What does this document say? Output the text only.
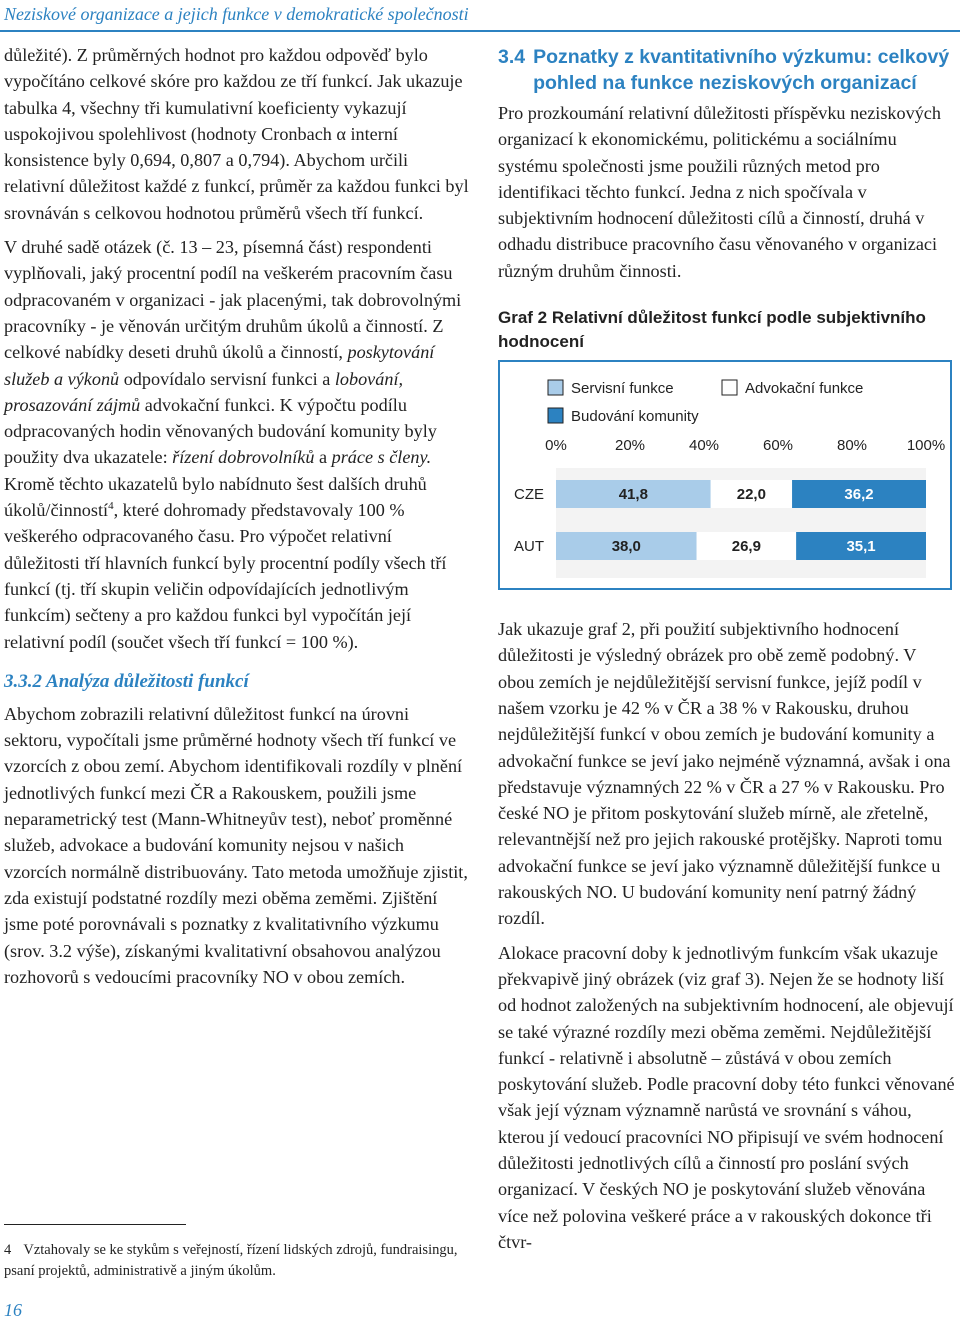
Neziskové organizace a jejich funkce v demokratické společnosti

důležité). Z průměrných hodnot pro každou odpověď bylo vypočítáno celkové skóre pro každou ze tří funkcí. Jak ukazuje tabulka 4, všechny tři kumulativní koeficienty vykazují uspokojivou spolehlivost (hodnoty Cronbach α interní konsistence byly 0,694, 0,807 a 0,794). Abychom určili relativní důležitost každé z funkcí, průměr za každou funkci byl srovnáván s celkovou hodnotou průměrů všech tří funkcí.

V druhé sadě otázek (č. 13 – 23, písemná část) respondenti vyplňovali, jaký procentní podíl na veškerém pracovním času odpracovaném v organizaci - jak placenými, tak dobrovolnými pracovníky - je věnován určitým druhům úkolů a činností. Z celkové nabídky deseti druhů úkolů a činností, poskytování služeb a výkonů odpovídalo servisní funkci a lobování, prosazování zájmů advokační funkci. K výpočtu podílu odpracovaných hodin věnovaných budování komunity byly použity dva ukazatele: řízení dobrovolníků a práce s členy. Kromě těchto ukazatelů bylo nabídnuto šest dalších druhů úkolů/činností$^4$, které dohromady představovaly 100 % veškerého odpracovaného času. Pro výpočet relativní důležitosti tří hlavních funkcí byly procentní podíly všech tří funkcí (tj. tří skupin veličin odpovídajících jednotlivým funkcím) sečteny a pro každou funkci byl vypočítán její relativní podíl (součet všech tří funkcí = 100 %).

3.3.2 Analýza důležitosti funkcí

Abychom zobrazili relativní důležitost funkcí na úrovni sektoru, vypočítali jsme průměrné hodnoty všech tří funkcí ve vzorcích z obou zemí. Abychom identifikovali rozdíly v plnění jednotlivých funkcí mezi ČR a Rakouskem, použili jsme neparametrický test (Mann-Whitneyův test), neboť proměnné služeb, advokace a budování komunity nejsou v našich vzorcích normálně distribuovány. Tato metoda umožňuje zjistit, zda existují podstatné rozdíly mezi oběma zeměmi. Zjištění jsme poté porovnávali s poznatky z kvalitativního výzkumu (srov. 3.2 výše), získanými kvalitativní obsahovou analýzou rozhovorů s vedoucími pracovníky NO v obou zemích.

4 Vztahovaly se ke stykům s veřejností, řízení lidských zdrojů, fundraisingu, psaní projektů, administrativě a jiným úkolům.
16
3.4 Poznatky z kvantitativního výzkumu: celkový pohled na funkce neziskových organizací

Pro prozkoumání relativní důležitosti příspěvku neziskových organizací k ekonomickému, politickému a sociálnímu systému společnosti jsme použili různých metod pro identifikaci těchto funkcí. Jedna z nich spočívala v subjektivním hodnocení důležitosti cílů a činností, druhá v odhadu distribuce pracovního času věnovaného v organizaci různým druhům činnosti.

Graf 2 Relativní důležitost funkcí podle subjektivního hodnocení
Servisní funkce	Advokační funkce
Budování komunity
0%	20%	40%	60%	80%	100%
CZE	41,8	22,0	36,2
AUT	38,0	26,9	35,1

Jak ukazuje graf 2, při použití subjektivního hodnocení důležitosti je výsledný obrázek pro obě země podobný. V obou zemích je nejdůležitější servisní funkce, jejíž podíl v našem vzorku je 42 % v ČR a 38 % v Rakousku, druhou nejdůležitější funkcí v obou zemích je budování komunity a advokační funkce se jeví jako nejméně významná, avšak i ona představuje významných 22 % v ČR a 27 % v Rakousku. Pro české NO je přitom poskytování služeb mírně, ale zřetelně, relevantnější než pro jejich rakouské protějšky. Naproti tomu advokační funkce se jeví jako významně důležitější funkce u rakouských NO. U budování komunity není patrný žádný rozdíl.

Alokace pracovní doby k jednotlivým funkcím však ukazuje překvapivě jiný obrázek (viz graf 3). Nejen že se hodnoty liší od hodnot založených na subjektivním hodnocení, ale objevují se také výrazné rozdíly mezi oběma zeměmi. Nejdůležitější funkcí - relativně i absolutně – zůstává v obou zemích poskytování služeb. Podle pracovní doby této funkci věnované však její význam významně narůstá ve srovnání s váhou, kterou jí vedoucí pracovníci NO připisují ve svém hodnocení důležitosti jednotlivých cílů a činností pro poslání svých organizací. V českých NO je poskytování služeb věnována více než polovina veškeré práce a v rakouských dokonce tři čtvr-
